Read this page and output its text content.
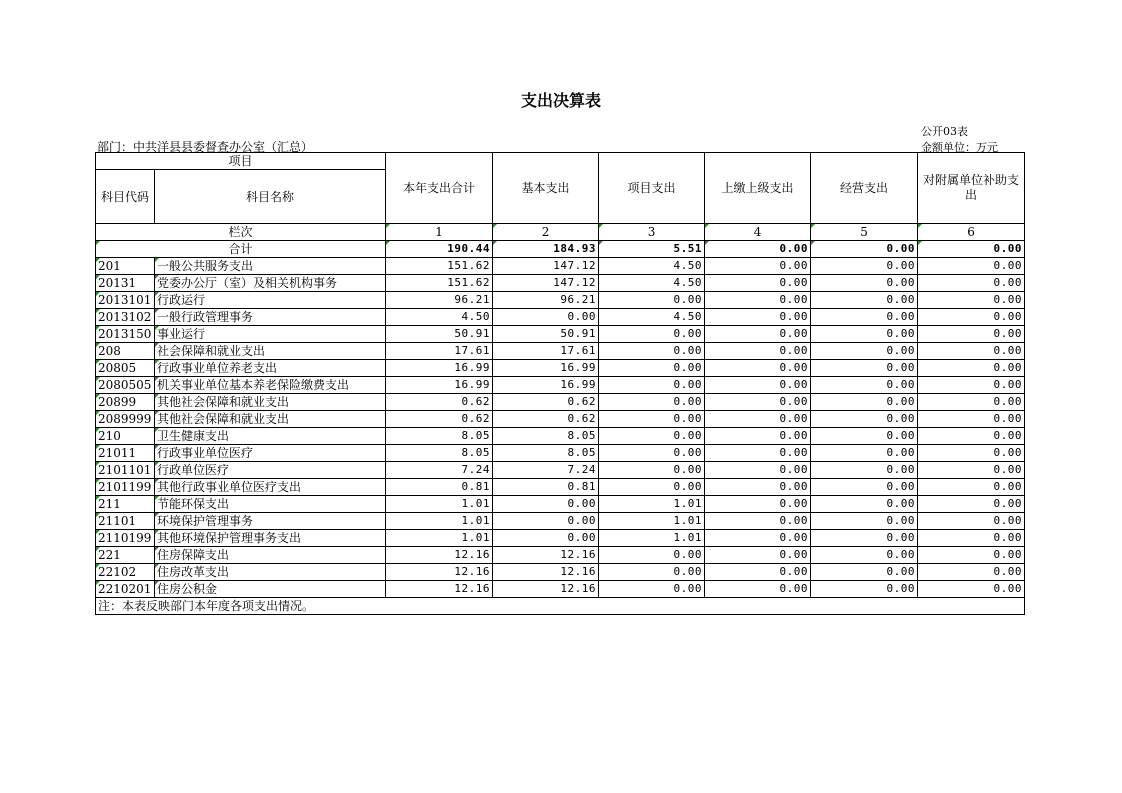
支出决算表
公开03表
金额单位：万元
部门：中共洋县县委督查办公室（汇总）
项目		本年支出合计	基本支出	项目支出	上缴上级支出	经营支出	对附属单位补助支出
科目代码	科目名称						
栏次		1	2	3	4	5	6
合计		190.44	184.93	5.51	0.00	0.00	0.00
201	一般公共服务支出	151.62	147.12	4.50	0.00	0.00	0.00
20131	党委办公厅（室）及相关机构事务	151.62	147.12	4.50	0.00	0.00	0.00
2013101	行政运行	96.21	96.21	0.00	0.00	0.00	0.00
2013102	一般行政管理事务	4.50	0.00	4.50	0.00	0.00	0.00
2013150	事业运行	50.91	50.91	0.00	0.00	0.00	0.00
208	社会保障和就业支出	17.61	17.61	0.00	0.00	0.00	0.00
20805	行政事业单位养老支出	16.99	16.99	0.00	0.00	0.00	0.00
2080505	机关事业单位基本养老保险缴费支出	16.99	16.99	0.00	0.00	0.00	0.00
20899	其他社会保障和就业支出	0.62	0.62	0.00	0.00	0.00	0.00
2089999	其他社会保障和就业支出	0.62	0.62	0.00	0.00	0.00	0.00
210	卫生健康支出	8.05	8.05	0.00	0.00	0.00	0.00
21011	行政事业单位医疗	8.05	8.05	0.00	0.00	0.00	0.00
2101101	行政单位医疗	7.24	7.24	0.00	0.00	0.00	0.00
2101199	其他行政事业单位医疗支出	0.81	0.81	0.00	0.00	0.00	0.00
211	节能环保支出	1.01	0.00	1.01	0.00	0.00	0.00
21101	环境保护管理事务	1.01	0.00	1.01	0.00	0.00	0.00
2110199	其他环境保护管理事务支出	1.01	0.00	1.01	0.00	0.00	0.00
221	住房保障支出	12.16	12.16	0.00	0.00	0.00	0.00
22102	住房改革支出	12.16	12.16	0.00	0.00	0.00	0.00
2210201	住房公积金	12.16	12.16	0.00	0.00	0.00	0.00
注：本表反映部门本年度各项支出情况。							
